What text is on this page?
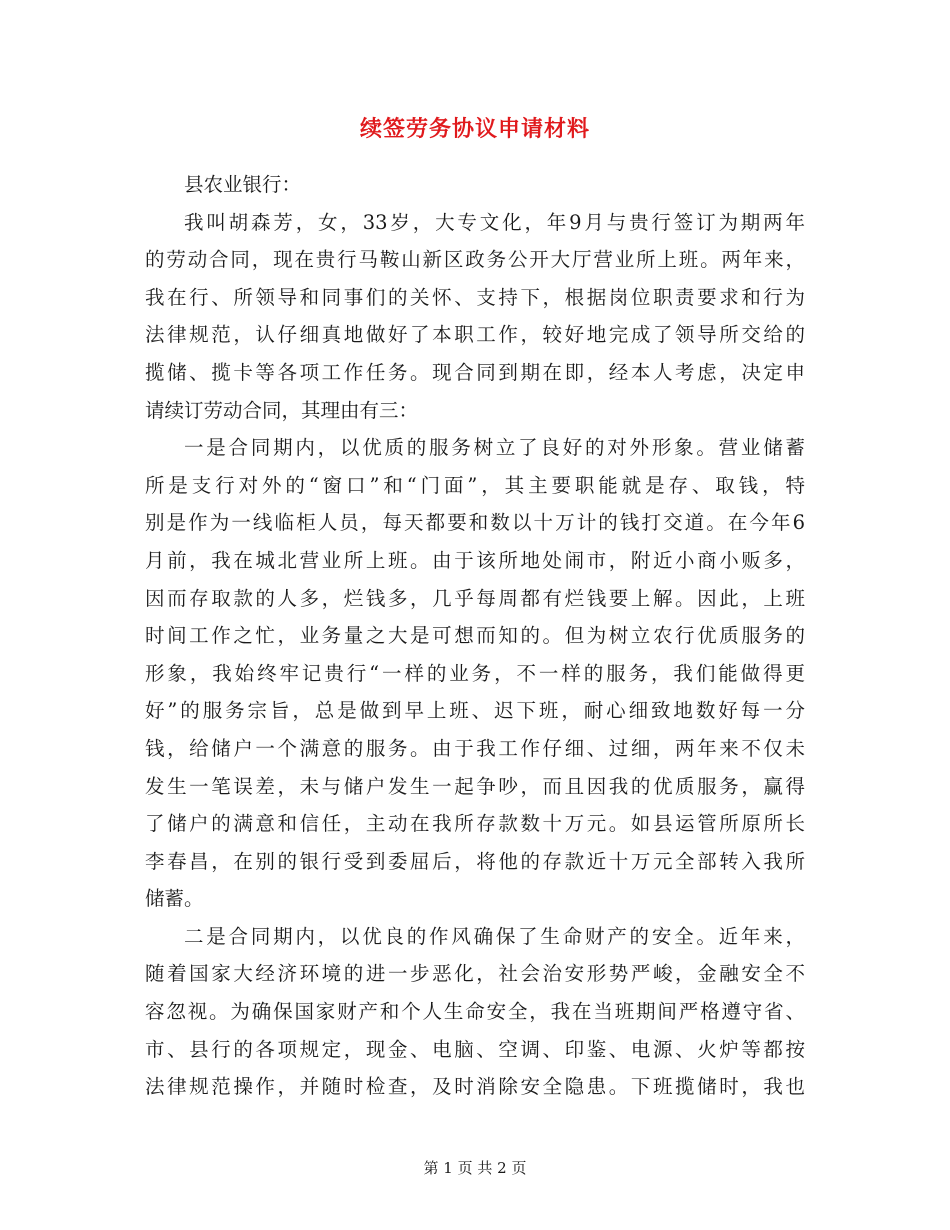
续签劳务协议申请材料
县农业银行：
我叫胡森芳，女，33岁，大专文化，年9月与贵行签订为期两年
的劳动合同，现在贵行马鞍山新区政务公开大厅营业所上班。两年来，
我在行、所领导和同事们的关怀、支持下，根据岗位职责要求和行为
法律规范，认仔细真地做好了本职工作，较好地完成了领导所交给的
揽储、揽卡等各项工作任务。现合同到期在即，经本人考虑，决定申
请续订劳动合同，其理由有三：
一是合同期内，以优质的服务树立了良好的对外形象。营业储蓄
所是支行对外的“窗口”和“门面”，其主要职能就是存、取钱，特
别是作为一线临柜人员，每天都要和数以十万计的钱打交道。在今年6
月前，我在城北营业所上班。由于该所地处闹市，附近小商小贩多，
因而存取款的人多，烂钱多，几乎每周都有烂钱要上解。因此，上班
时间工作之忙，业务量之大是可想而知的。但为树立农行优质服务的
形象，我始终牢记贵行“一样的业务，不一样的服务，我们能做得更
好”的服务宗旨，总是做到早上班、迟下班，耐心细致地数好每一分
钱，给储户一个满意的服务。由于我工作仔细、过细，两年来不仅未
发生一笔误差，未与储户发生一起争吵，而且因我的优质服务，赢得
了储户的满意和信任，主动在我所存款数十万元。如县运管所原所长
李春昌，在别的银行受到委屈后，将他的存款近十万元全部转入我所
储蓄。
二是合同期内，以优良的作风确保了生命财产的安全。近年来，
随着国家大经济环境的进一步恶化，社会治安形势严峻，金融安全不
容忽视。为确保国家财产和个人生命安全，我在当班期间严格遵守省、
市、县行的各项规定，现金、电脑、空调、印鉴、电源、火炉等都按
法律规范操作，并随时检查，及时消除安全隐患。下班揽储时，我也
第 1 页 共 2 页
